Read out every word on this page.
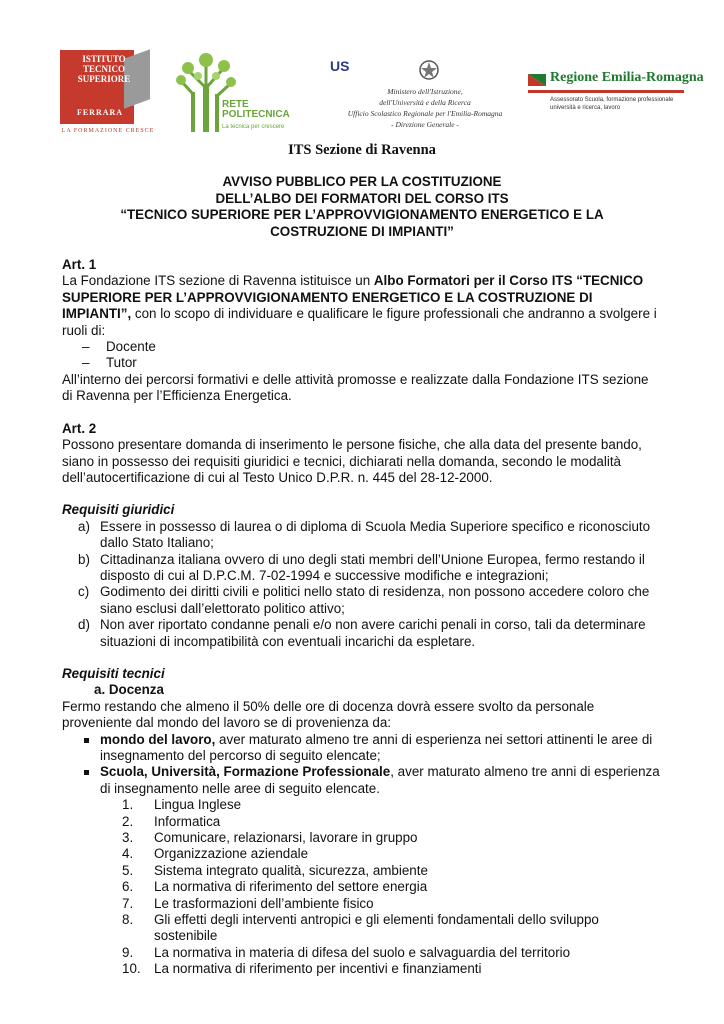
ISTITUTO
TECNICO
SUPERIORE
FERRARA
LA FORMAZIONE CRESCE
RETE
POLITECNICA
La tecnica per crescere
US
Ministero dell'Istruzione,
dell'Università e della Ricerca
Ufficio Scolastico Regionale per l'Emilia-Romagna
- Direzione Generale -
Regione Emilia-Romagna
Assessorato Scuola, formazione professionale
università e ricerca, lavoro

ITS Sezione di Ravenna

AVVISO PUBBLICO PER LA COSTITUZIONE
DELL’ALBO DEI FORMATORI DEL CORSO ITS
“TECNICO SUPERIORE PER L’APPROVVIGIONAMENTO ENERGETICO E LA
COSTRUZIONE DI IMPIANTI”

Art. 1

La Fondazione ITS sezione di Ravenna istituisce un Albo Formatori per il Corso ITS “TECNICO SUPERIORE PER L’APPROVVIGIONAMENTO ENERGETICO E LA COSTRUZIONE DI IMPIANTI”, con lo scopo di individuare e qualificare le figure professionali che andranno a svolgere i ruoli di:

– Docente
– Tutor

All’interno dei percorsi formativi e delle attività promosse e realizzate dalla Fondazione ITS sezione di Ravenna per l’Efficienza Energetica.

Art. 2

Possono presentare domanda di inserimento le persone fisiche, che alla data del presente bando, siano in possesso dei requisiti giuridici e tecnici, dichiarati nella domanda, secondo le modalità dell’autocertificazione di cui al Testo Unico D.P.R. n. 445 del 28-12-2000.

Requisiti giuridici

a) Essere in possesso di laurea o di diploma di Scuola Media Superiore specifico e riconosciuto dallo Stato Italiano;
b) Cittadinanza italiana ovvero di uno degli stati membri dell’Unione Europea, fermo restando il disposto di cui al D.P.C.M. 7-02-1994 e successive modifiche e integrazioni;
c) Godimento dei diritti civili e politici nello stato di residenza, non possono accedere coloro che siano esclusi dall’elettorato politico attivo;
d) Non aver riportato condanne penali e/o non avere carichi penali in corso, tali da determinare situazioni di incompatibilità con eventuali incarichi da espletare.

Requisiti tecnici

a. Docenza

Fermo restando che almeno il 50% delle ore di docenza dovrà essere svolto da personale proveniente dal mondo del lavoro se di provenienza da:

mondo del lavoro, aver maturato almeno tre anni di esperienza nei settori attinenti le aree di insegnamento del percorso di seguito elencate;
Scuola, Università, Formazione Professionale, aver maturato almeno tre anni di esperienza di insegnamento nelle aree di seguito elencate.
1. Lingua Inglese
2. Informatica
3. Comunicare, relazionarsi, lavorare in gruppo
4. Organizzazione aziendale
5. Sistema integrato qualità, sicurezza, ambiente
6. La normativa di riferimento del settore energia
7. Le trasformazioni dell’ambiente fisico
8. Gli effetti degli interventi antropici e gli elementi fondamentali dello sviluppo sostenibile
9. La normativa in materia di difesa del suolo e salvaguardia del territorio
10. La normativa di riferimento per incentivi e finanziamenti
